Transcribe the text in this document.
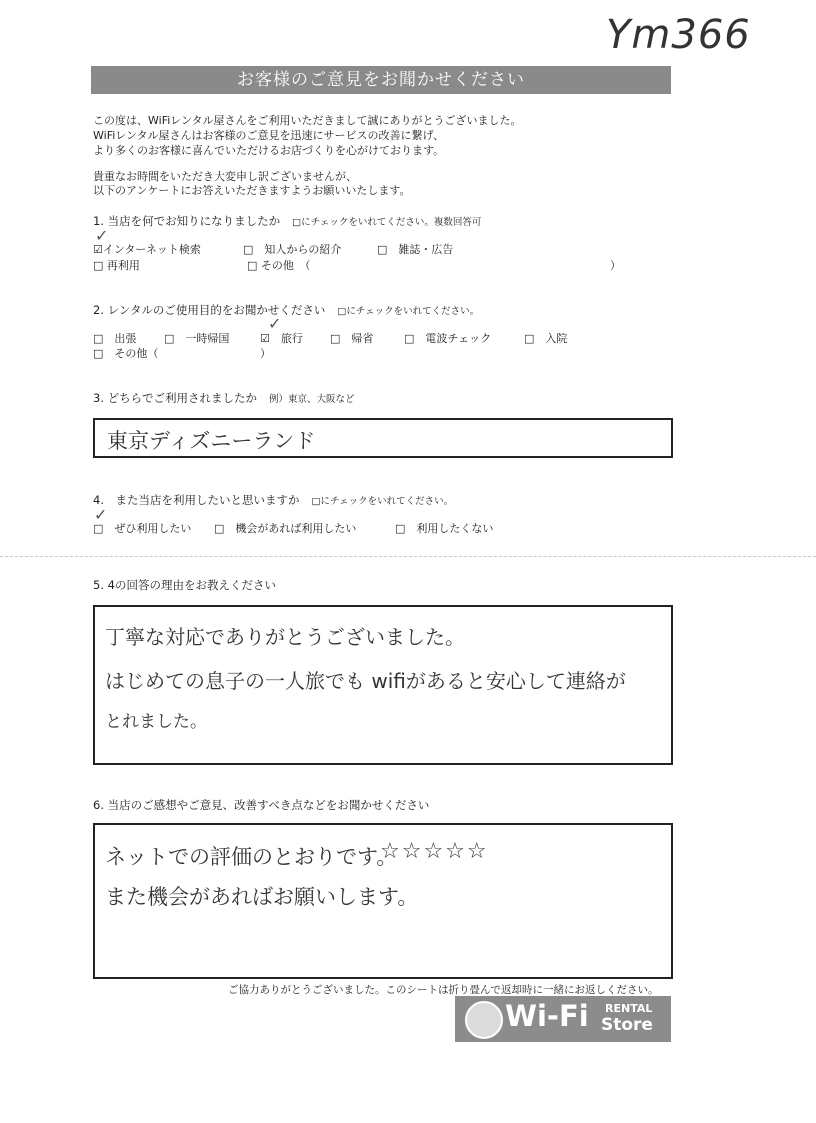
Ym366
お客様のご意見をお聞かせください
この度は、WiFiレンタル屋さんをご利用いただきまして誠にありがとうございました。
WiFiレンタル屋さんはお客様のご意見を迅速にサービスの改善に繋げ、
より多くのお客様に喜んでいただけるお店づくりを心がけております。
貴重なお時間をいただき大変申し訳ございませんが、
以下のアンケートにお答えいただきますようお願いいたします。
1. 当店を何でお知りになりましたか □にチェックをいれてください。複数回答可
☑インターネット検索
✓
□　知人からの紹介	□　雑誌・広告
□ 再利用	□ その他　（	）
2. レンタルのご使用目的をお聞かせください □にチェックをいれてください。
□　出張	□　一時帰国	☑　旅行
✓
□　帰省	□　電波チェック	□　入院
□　その他（	）
3. どちらでご利用されましたか 例）東京、大阪など
東京ディズニーランド
4.　また当店を利用したいと思いますか □にチェックをいれてください。
□　ぜひ利用したい
✓
□　機会があれば利用したい	□　利用したくない
5. 4の回答の理由をお教えください
丁寧な対応でありがとうございました。
はじめての息子の一人旅でも wifiがあると安心して連絡が
とれました。
6. 当店のご感想やご意見、改善すべき点などをお聞かせください
ネットでの評価のとおりです。
☆☆☆☆☆
また機会があればお願いします。
ご協力ありがとうございました。このシートは折り畳んで返却時に一緒にお返しください。
Wi-Fi RENTAL
Store
